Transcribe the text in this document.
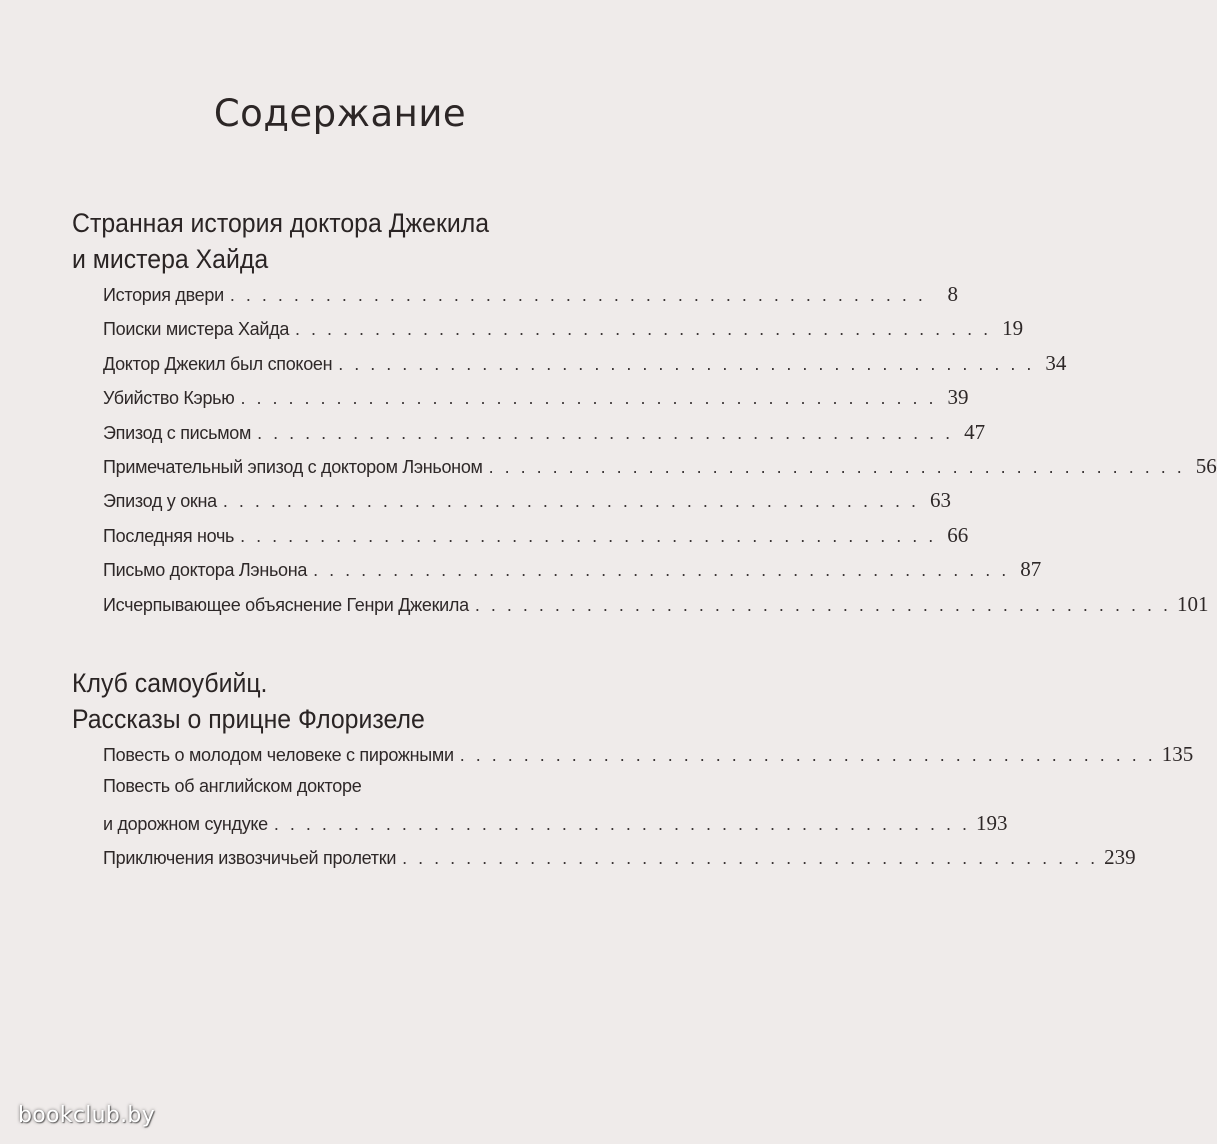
Содержание
Странная история доктора Джекила
и мистера Хайда
История двери . . . . . . . . . . . . . . . . . . . . . . . . . . . . . . . . . . . . . . . . . . . .	8
Поиски мистера Хайда . . . . . . . . . . . . . . . . . . . . . . . . . . . . . . . . . . . . . . . . . . . . 19
Доктор Джекил был спокоен . . . . . . . . . . . . . . . . . . . . . . . . . . . . . . . . . . . . . . . . . . . . 34
Убийство Кэрью . . . . . . . . . . . . . . . . . . . . . . . . . . . . . . . . . . . . . . . . . . . . 39
Эпизод с письмом . . . . . . . . . . . . . . . . . . . . . . . . . . . . . . . . . . . . . . . . . . . . 47
Примечательный эпизод с доктором Лэньоном . . . . . . . . . . . . . . . . . . . . . . . . . . . . . . . . . . . . . . . . . . . . 56
Эпизод у окна . . . . . . . . . . . . . . . . . . . . . . . . . . . . . . . . . . . . . . . . . . . . 63
Последняя ночь . . . . . . . . . . . . . . . . . . . . . . . . . . . . . . . . . . . . . . . . . . . . 66
Письмо доктора Лэньона . . . . . . . . . . . . . . . . . . . . . . . . . . . . . . . . . . . . . . . . . . . . 87
Исчерпывающее объяснение Генри Джекила . . . . . . . . . . . . . . . . . . . . . . . . . . . . . . . . . . . . . . . . . . . . 101
Клуб самоубийц.
Рассказы о прицне Флоризеле
Повесть о молодом человеке с пирожными . . . . . . . . . . . . . . . . . . . . . . . . . . . . . . . . . . . . . . . . . . . . 135
Повесть об английском докторе
и дорожном сундуке . . . . . . . . . . . . . . . . . . . . . . . . . . . . . . . . . . . . . . . . . . . . 193
Приключения извозчичьей пролетки . . . . . . . . . . . . . . . . . . . . . . . . . . . . . . . . . . . . . . . . . . . . 239
bookclub.by
